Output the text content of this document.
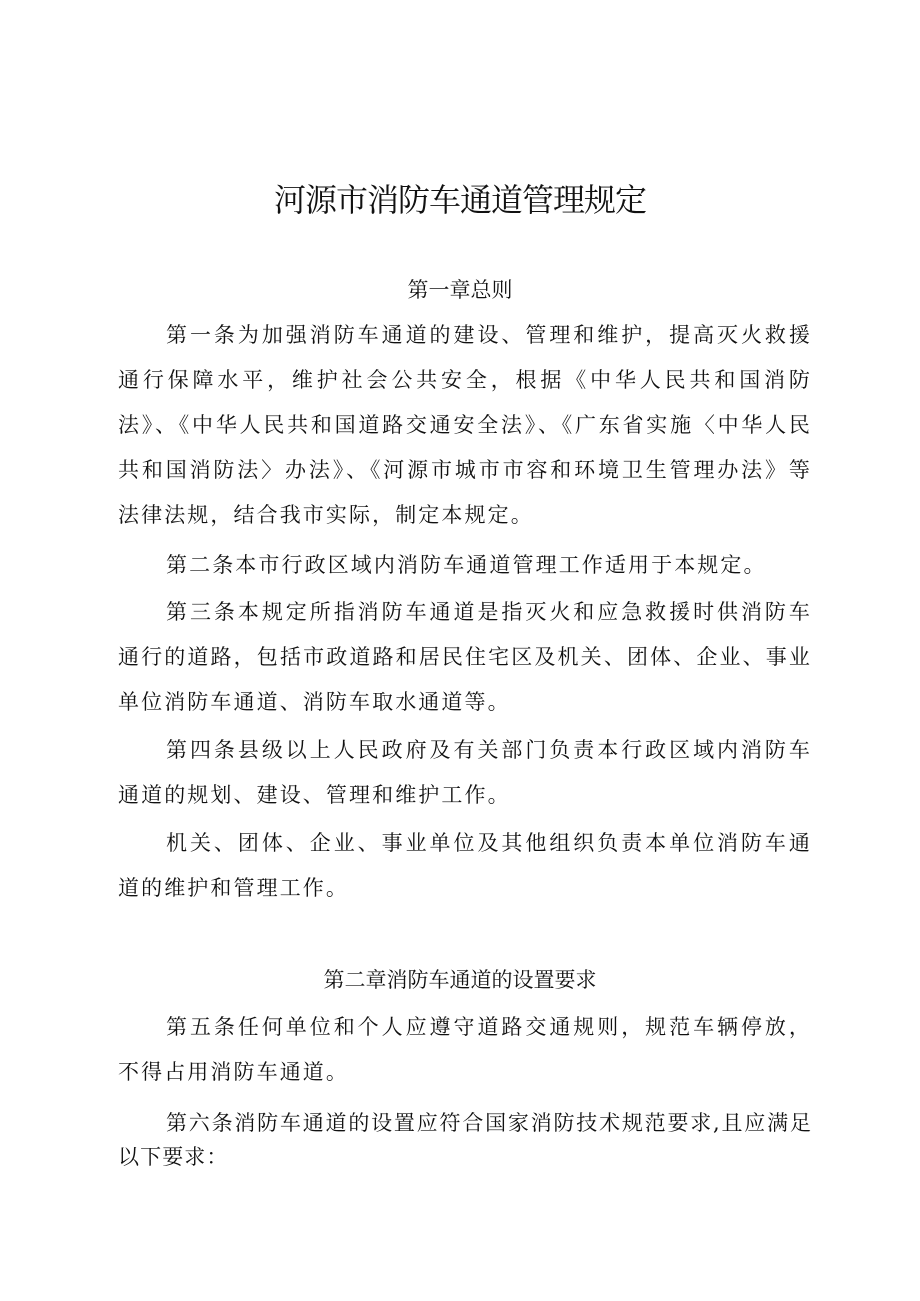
河源市消防车通道管理规定
第一章总则
第一条为加强消防车通道的建设、管理和维护，提高灭火救援通行保障水平，维护社会公共安全，根据《中华人民共和国消防法》、《中华人民共和国道路交通安全法》、《广东省实施〈中华人民共和国消防法〉办法》、《河源市城市市容和环境卫生管理办法》等法律法规，结合我市实际，制定本规定。
第二条本市行政区域内消防车通道管理工作适用于本规定。
第三条本规定所指消防车通道是指灭火和应急救援时供消防车通行的道路，包括市政道路和居民住宅区及机关、团体、企业、事业单位消防车通道、消防车取水通道等。
第四条县级以上人民政府及有关部门负责本行政区域内消防车通道的规划、建设、管理和维护工作。
机关、团体、企业、事业单位及其他组织负责本单位消防车通道的维护和管理工作。
第二章消防车通道的设置要求
第五条任何单位和个人应遵守道路交通规则，规范车辆停放，不得占用消防车通道。
第六条消防车通道的设置应符合国家消防技术规范要求,且应满足以下要求：
